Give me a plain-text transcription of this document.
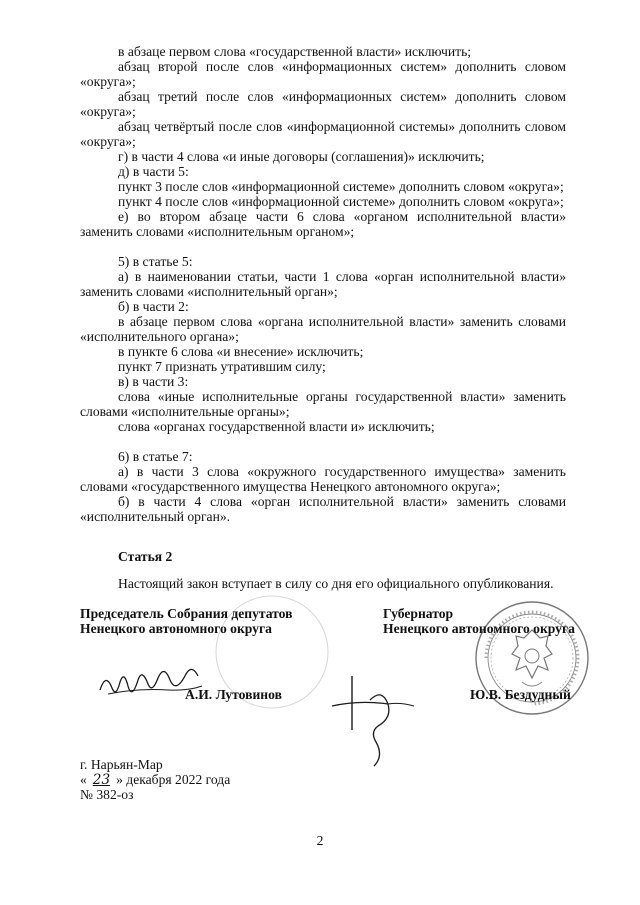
в абзаце первом слова «государственной власти» исключить;

абзац второй после слов «информационных систем» дополнить словом «округа»;

абзац третий после слов «информационных систем» дополнить словом «округа»;

абзац четвёртый после слов «информационной системы» дополнить словом «округа»;

г) в части 4 слова «и иные договоры (соглашения)» исключить;

д) в части 5:

пункт 3 после слов «информационной системе» дополнить словом «округа»;

пункт 4 после слов «информационной системе» дополнить словом «округа»;

е) во втором абзаце части 6 слова «органом исполнительной власти» заменить словами «исполнительным органом»;

5) в статье 5:

а) в наименовании статьи, части 1 слова «орган исполнительной власти» заменить словами «исполнительный орган»;

б) в части 2:

в абзаце первом слова «органа исполнительной власти» заменить словами «исполнительного органа»;

в пункте 6 слова «и внесение» исключить;

пункт 7 признать утратившим силу;

в) в части 3:

слова «иные исполнительные органы государственной власти» заменить словами «исполнительные органы»;

слова «органах государственной власти и» исключить;

6) в статье 7:

а) в части 3 слова «окружного государственного имущества» заменить словами «государственного имущества Ненецкого автономного округа»;

б) в части 4 слова «орган исполнительной власти» заменить словами «исполнительный орган».

Статья 2

Настоящий закон вступает в силу со дня его официального опубликования.

Председатель Собрания депутатов
Ненецкого автономного округа
Губернатор
Ненецкого автономного округа
А.И. Лутовинов	Ю.В. Бездудный
г. Нарьян-Мар
« 23 » декабря 2022 года
№ 382-оз
2
